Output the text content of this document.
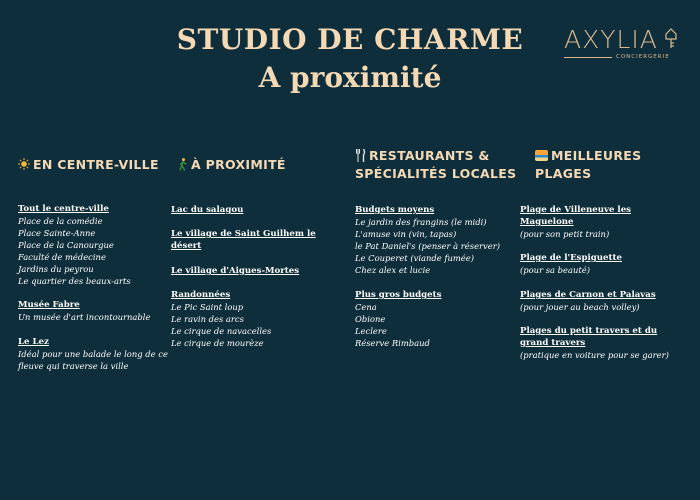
STUDIO DE CHARME
A proximité
AXYLIA
CONCIERGERIE
EN CENTRE-VILLE
Tout le centre-ville
Place de la comédie
Place Sainte-Anne
Place de la Canourgue
Faculté de médecine
Jardins du peyrou
Le quartier des beaux-arts
Musée Fabre
Un musée d'art incontournable
Le Lez
Idéal pour une balade le long de ce
fleuve qui traverse la ville
À PROXIMITÉ
Lac du salagou
Le village de Saint Guilhem le désert
Le village d'Aigues-Mortes
Randonnées
Le Pic Saint loup
Le ravin des arcs
Le cirque de navacelles
Le cirque de mourèze
RESTAURANTS & SPÉCIALITÉS LOCALES
Budgets moyens
Le jardin des frangins (le midi)
L'amuse vin (vin, tapas)
le Pat Daniel's (penser à réserver)
Le Couperet (viande fumée)
Chez alex et lucie
Plus gros budgets
Cena
Obione
Leclere
Réserve Rimbaud
MEILLEURES PLAGES
Plage de Villeneuve les Maguelone
(pour son petit train)
Plage de l'Espiguette
(pour sa beauté)
Plages de Carnon et Palavas
(pour jouer au beach volley)
Plages du petit travers et du grand travers
(pratique en voiture pour se garer)
